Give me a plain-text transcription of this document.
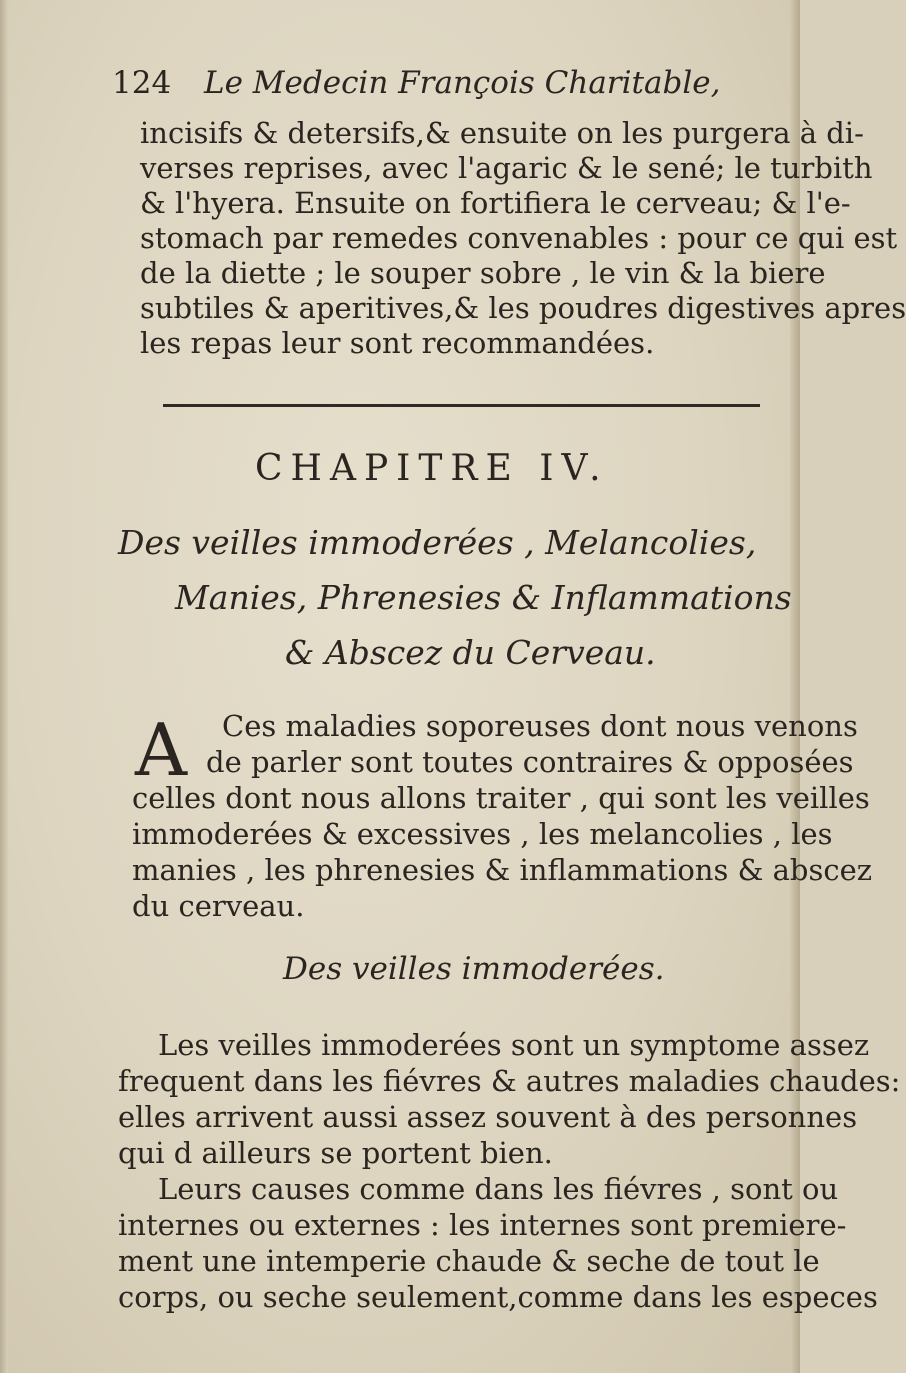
124 Le Medecin François Charitable,
incisifs & detersifs,& ensuite on les purgera à di-
verses reprises, avec l'agaric & le sené; le turbith
& l'hyera. Ensuite on fortifiera le cerveau; & l'e-
stomach par remedes convenables : pour ce qui est
de la diette ; le souper sobre , le vin & la biere
subtiles & aperitives,& les poudres digestives apres
les repas leur sont recommandées.
CHAPITRE IV.
Des veilles immoderées , Melancolies,
Manies, Phrenesies & Inflammations
& Abscez du Cerveau.
A Ces maladies soporeuses dont nous venons
de parler sont toutes contraires & opposées
celles dont nous allons traiter , qui sont les veilles
immoderées & excessives , les melancolies , les
manies , les phrenesies & inflammations & abscez
du cerveau.
Des veilles immoderées.
Les veilles immoderées sont un symptome assez
frequent dans les fiévres & autres maladies chaudes:
elles arrivent aussi assez souvent à des personnes
qui d ailleurs se portent bien.
Leurs causes comme dans les fiévres , sont ou
internes ou externes : les internes sont premiere-
ment une intemperie chaude & seche de tout le
corps, ou seche seulement,comme dans les especes
